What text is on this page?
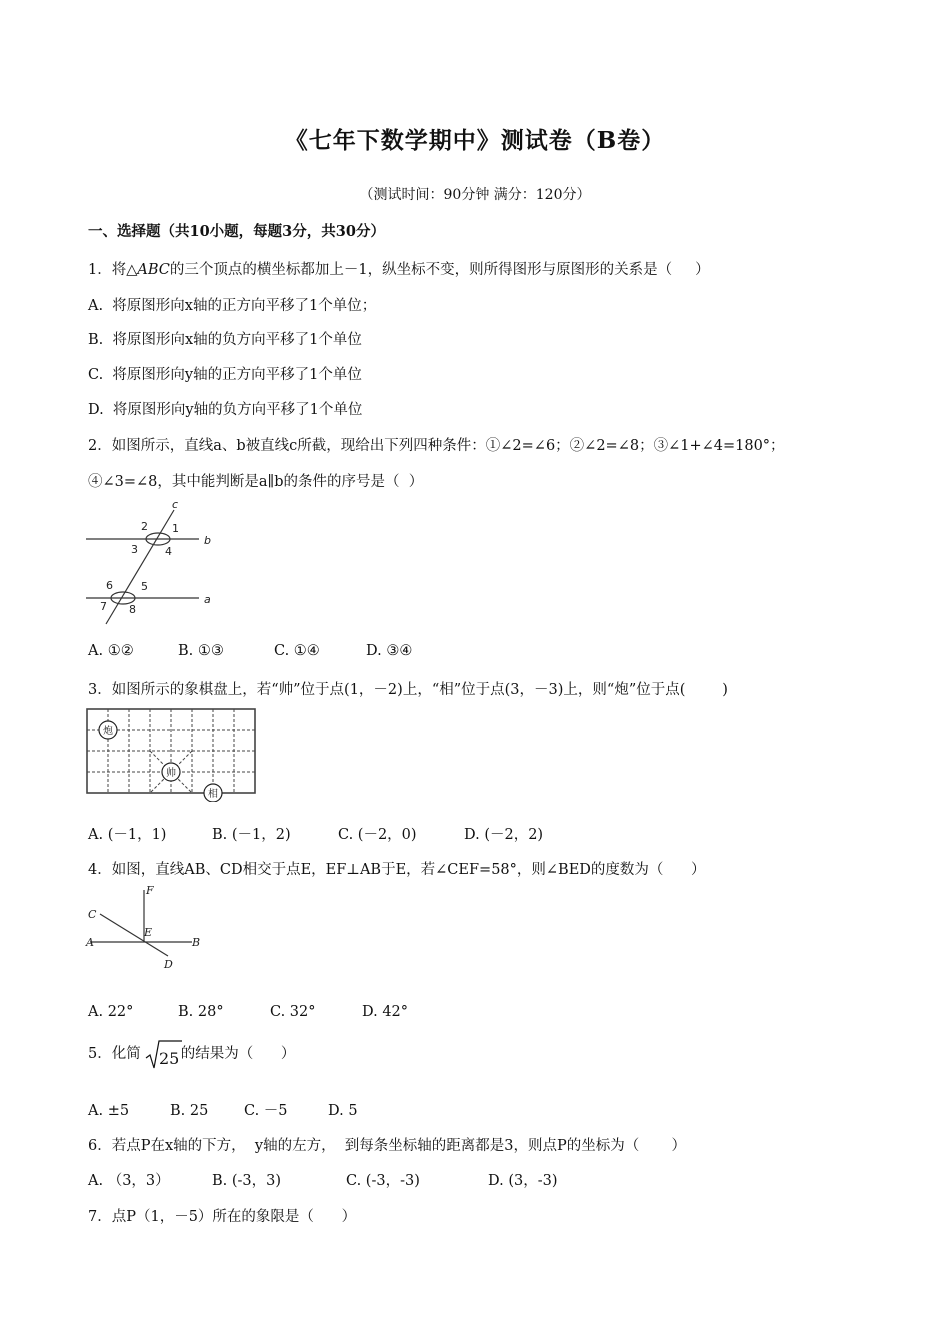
《七年下数学期中》测试卷（B卷）
（测试时间：90分钟 满分：120分）
一、选择题（共10小题，每题3分，共30分）
1．将△ABC的三个顶点的横坐标都加上－1，纵坐标不变，则所得图形与原图形的关系是（     ）
A.  将原图形向x轴的正方向平移了1个单位；
B.  将原图形向x轴的负方向平移了1个单位
C.  将原图形向y轴的正方向平移了1个单位
D.  将原图形向y轴的负方向平移了1个单位
2．如图所示，直线a、b被直线c所截，现给出下列四种条件：①∠2=∠6；②∠2=∠8；③∠1+∠4=180°；
④∠3=∠8，其中能判断是a∥b的条件的序号是（  ）
c
b
a
1
2
3 4
5
6
7 8
A. ①②	B. ①③	C. ①④	D. ③④
3．如图所示的象棋盘上，若“帅”位于点(1，－2)上，“相”位于点(3，－3)上，则“炮”位于点(        )
炮
帅
相
A. (－1，1)	B. (－1，2)	C. (－2，0)	D. (－2，2)
4．如图，直线AB、CD相交于点E，EF⊥AB于E，若∠CEF=58°，则∠BED的度数为（      ）
F
C
E
A	B
D
A. 22°	B. 28°	C. 32°	D. 42°
5．化简	的结果为（      ）
25
A. ±5	B. 25 C. －5	D. 5
6．若点P在x轴的下方，  y轴的左方，  到每条坐标轴的距离都是3，则点P的坐标为（       ）
A. （3，3）	B. (-3，3)	C. (-3，-3)	D. (3，-3)
7．点P（1，－5）所在的象限是（      ）
